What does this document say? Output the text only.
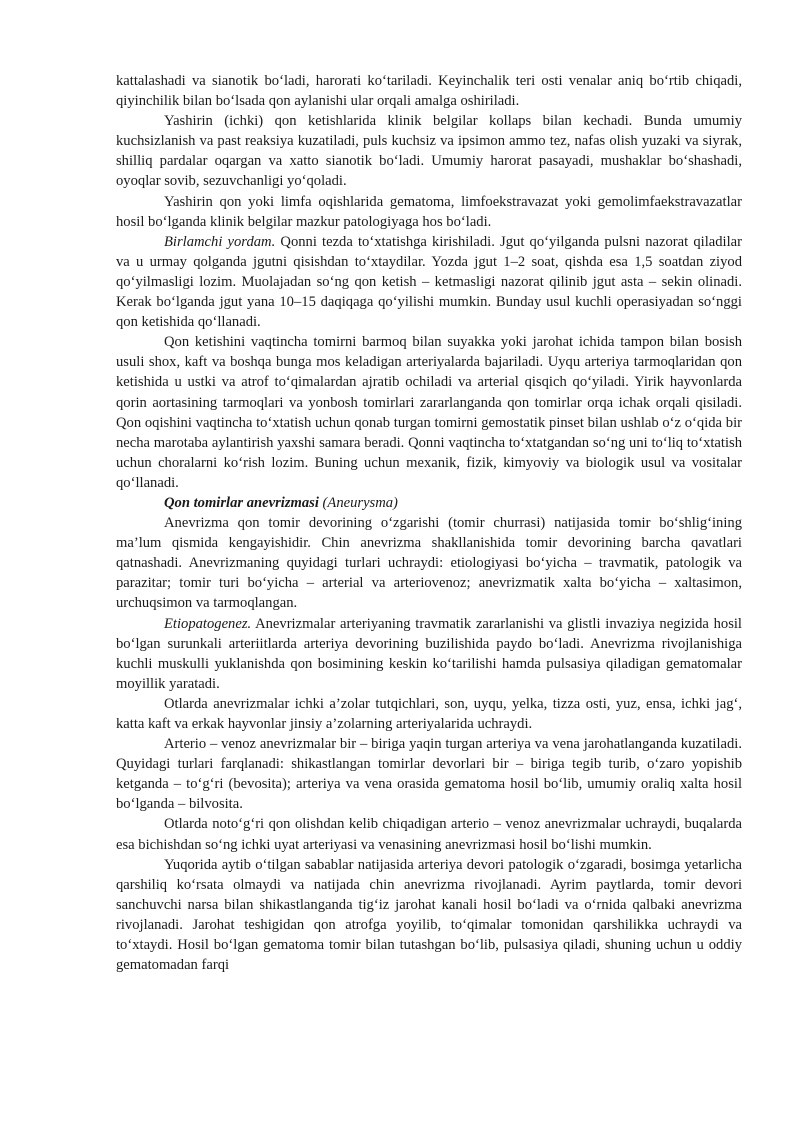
kattalashadi va sianotik bo‘ladi, harorati ko‘tariladi. Keyinchalik teri osti venalar aniq bo‘rtib chiqadi, qiyinchilik bilan bo‘lsada qon aylanishi ular orqali amalga oshiriladi.

Yashirin (ichki) qon ketishlarida klinik belgilar kollaps bilan kechadi. Bunda umumiy kuchsizlanish va past reaksiya kuzatiladi, puls kuchsiz va ipsimon ammo tez, nafas olish yuzaki va siyrak, shilliq pardalar oqargan va xatto sianotik bo‘ladi. Umumiy harorat pasayadi, mushaklar bo‘shashadi, oyoqlar sovib, sezuvchanligi yo‘qoladi.

Yashirin qon yoki limfa oqishlarida gematoma, limfoekstravazat yoki gemolimfaekstravazatlar hosil bo‘lganda klinik belgilar mazkur patologiyaga hos bo‘ladi.

Birlamchi yordam. Qonni tezda to‘xtatishga kirishiladi. Jgut qo‘yilganda pulsni nazorat qiladilar va u urmay qolganda jgutni qisishdan to‘xtaydilar. Yozda jgut 1–2 soat, qishda esa 1,5 soatdan ziyod qo‘yilmasligi lozim. Muolajadan so‘ng qon ketish – ketmasligi nazorat qilinib jgut asta – sekin olinadi. Kerak bo‘lganda jgut yana 10–15 daqiqaga qo‘yilishi mumkin. Bunday usul kuchli operasiyadan so‘nggi qon ketishida qo‘llanadi.

Qon ketishini vaqtincha tomirni barmoq bilan suyakka yoki jarohat ichida tampon bilan bosish usuli shox, kaft va boshqa bunga mos keladigan arteriyalarda bajariladi. Uyqu arteriya tarmoqlaridan qon ketishida u ustki va atrof to‘qimalardan ajratib ochiladi va arterial qisqich qo‘yiladi. Yirik hayvonlarda qorin aortasining tarmoqlari va yonbosh tomirlari zararlanganda qon tomirlar orqa ichak orqali qisiladi. Qon oqishini vaqtincha to‘xtatish uchun qonab turgan tomirni gemostatik pinset bilan ushlab o‘z o‘qida bir necha marotaba aylantirish yaxshi samara beradi. Qonni vaqtincha to‘xtatgandan so‘ng uni to‘liq to‘xtatish uchun choralarni ko‘rish lozim. Buning uchun mexanik, fizik, kimyoviy va biologik usul va vositalar qo‘llanadi.

Qon tomirlar anevrizmasi (Aneurysma)

Anevrizma qon tomir devorining o‘zgarishi (tomir churrasi) natijasida tomir bo‘shlig‘ining ma’lum qismida kengayishidir. Chin anevrizma shakllanishida tomir devorining barcha qavatlari qatnashadi. Anevrizmaning quyidagi turlari uchraydi: etiologiyasi bo‘yicha – travmatik, patologik va parazitar; tomir turi bo‘yicha – arterial va arteriovenoz; anevrizmatik xalta bo‘yicha – xaltasimon, urchuqsimon va tarmoqlangan.

Etiopatogenez. Anevrizmalar arteriyaning travmatik zararlanishi va glistli invaziya negizida hosil bo‘lgan surunkali arteriitlarda arteriya devorining buzilishida paydo bo‘ladi. Anevrizma rivojlanishiga kuchli muskulli yuklanishda qon bosimining keskin ko‘tarilishi hamda pulsasiya qiladigan gematomalar moyillik yaratadi.

Otlarda anevrizmalar ichki a’zolar tutqichlari, son, uyqu, yelka, tizza osti, yuz, ensa, ichki jag‘, katta kaft va erkak hayvonlar jinsiy a’zolarning arteriyalarida uchraydi.

Arterio – venoz anevrizmalar bir – biriga yaqin turgan arteriya va vena jarohatlanganda kuzatiladi. Quyidagi turlari farqlanadi: shikastlangan tomirlar devorlari bir – biriga tegib turib, o‘zaro yopishib ketganda – to‘g‘ri (bevosita); arteriya va vena orasida gematoma hosil bo‘lib, umumiy oraliq xalta hosil bo‘lganda – bilvosita.

Otlarda noto‘g‘ri qon olishdan kelib chiqadigan arterio – venoz anevrizmalar uchraydi, buqalarda esa bichishdan so‘ng ichki uyat arteriyasi va venasining anevrizmasi hosil bo‘lishi mumkin.

Yuqorida aytib o‘tilgan sabablar natijasida arteriya devori patologik o‘zgaradi, bosimga yetarlicha qarshiliq ko‘rsata olmaydi va natijada chin anevrizma rivojlanadi. Ayrim paytlarda, tomir devori sanchuvchi narsa bilan shikastlanganda tig‘iz jarohat kanali hosil bo‘ladi va o‘rnida qalbaki anevrizma rivojlanadi. Jarohat teshigidan qon atrofga yoyilib, to‘qimalar tomonidan qarshilikka uchraydi va to‘xtaydi. Hosil bo‘lgan gematoma tomir bilan tutashgan bo‘lib, pulsasiya qiladi, shuning uchun u oddiy gematomadan farqi
